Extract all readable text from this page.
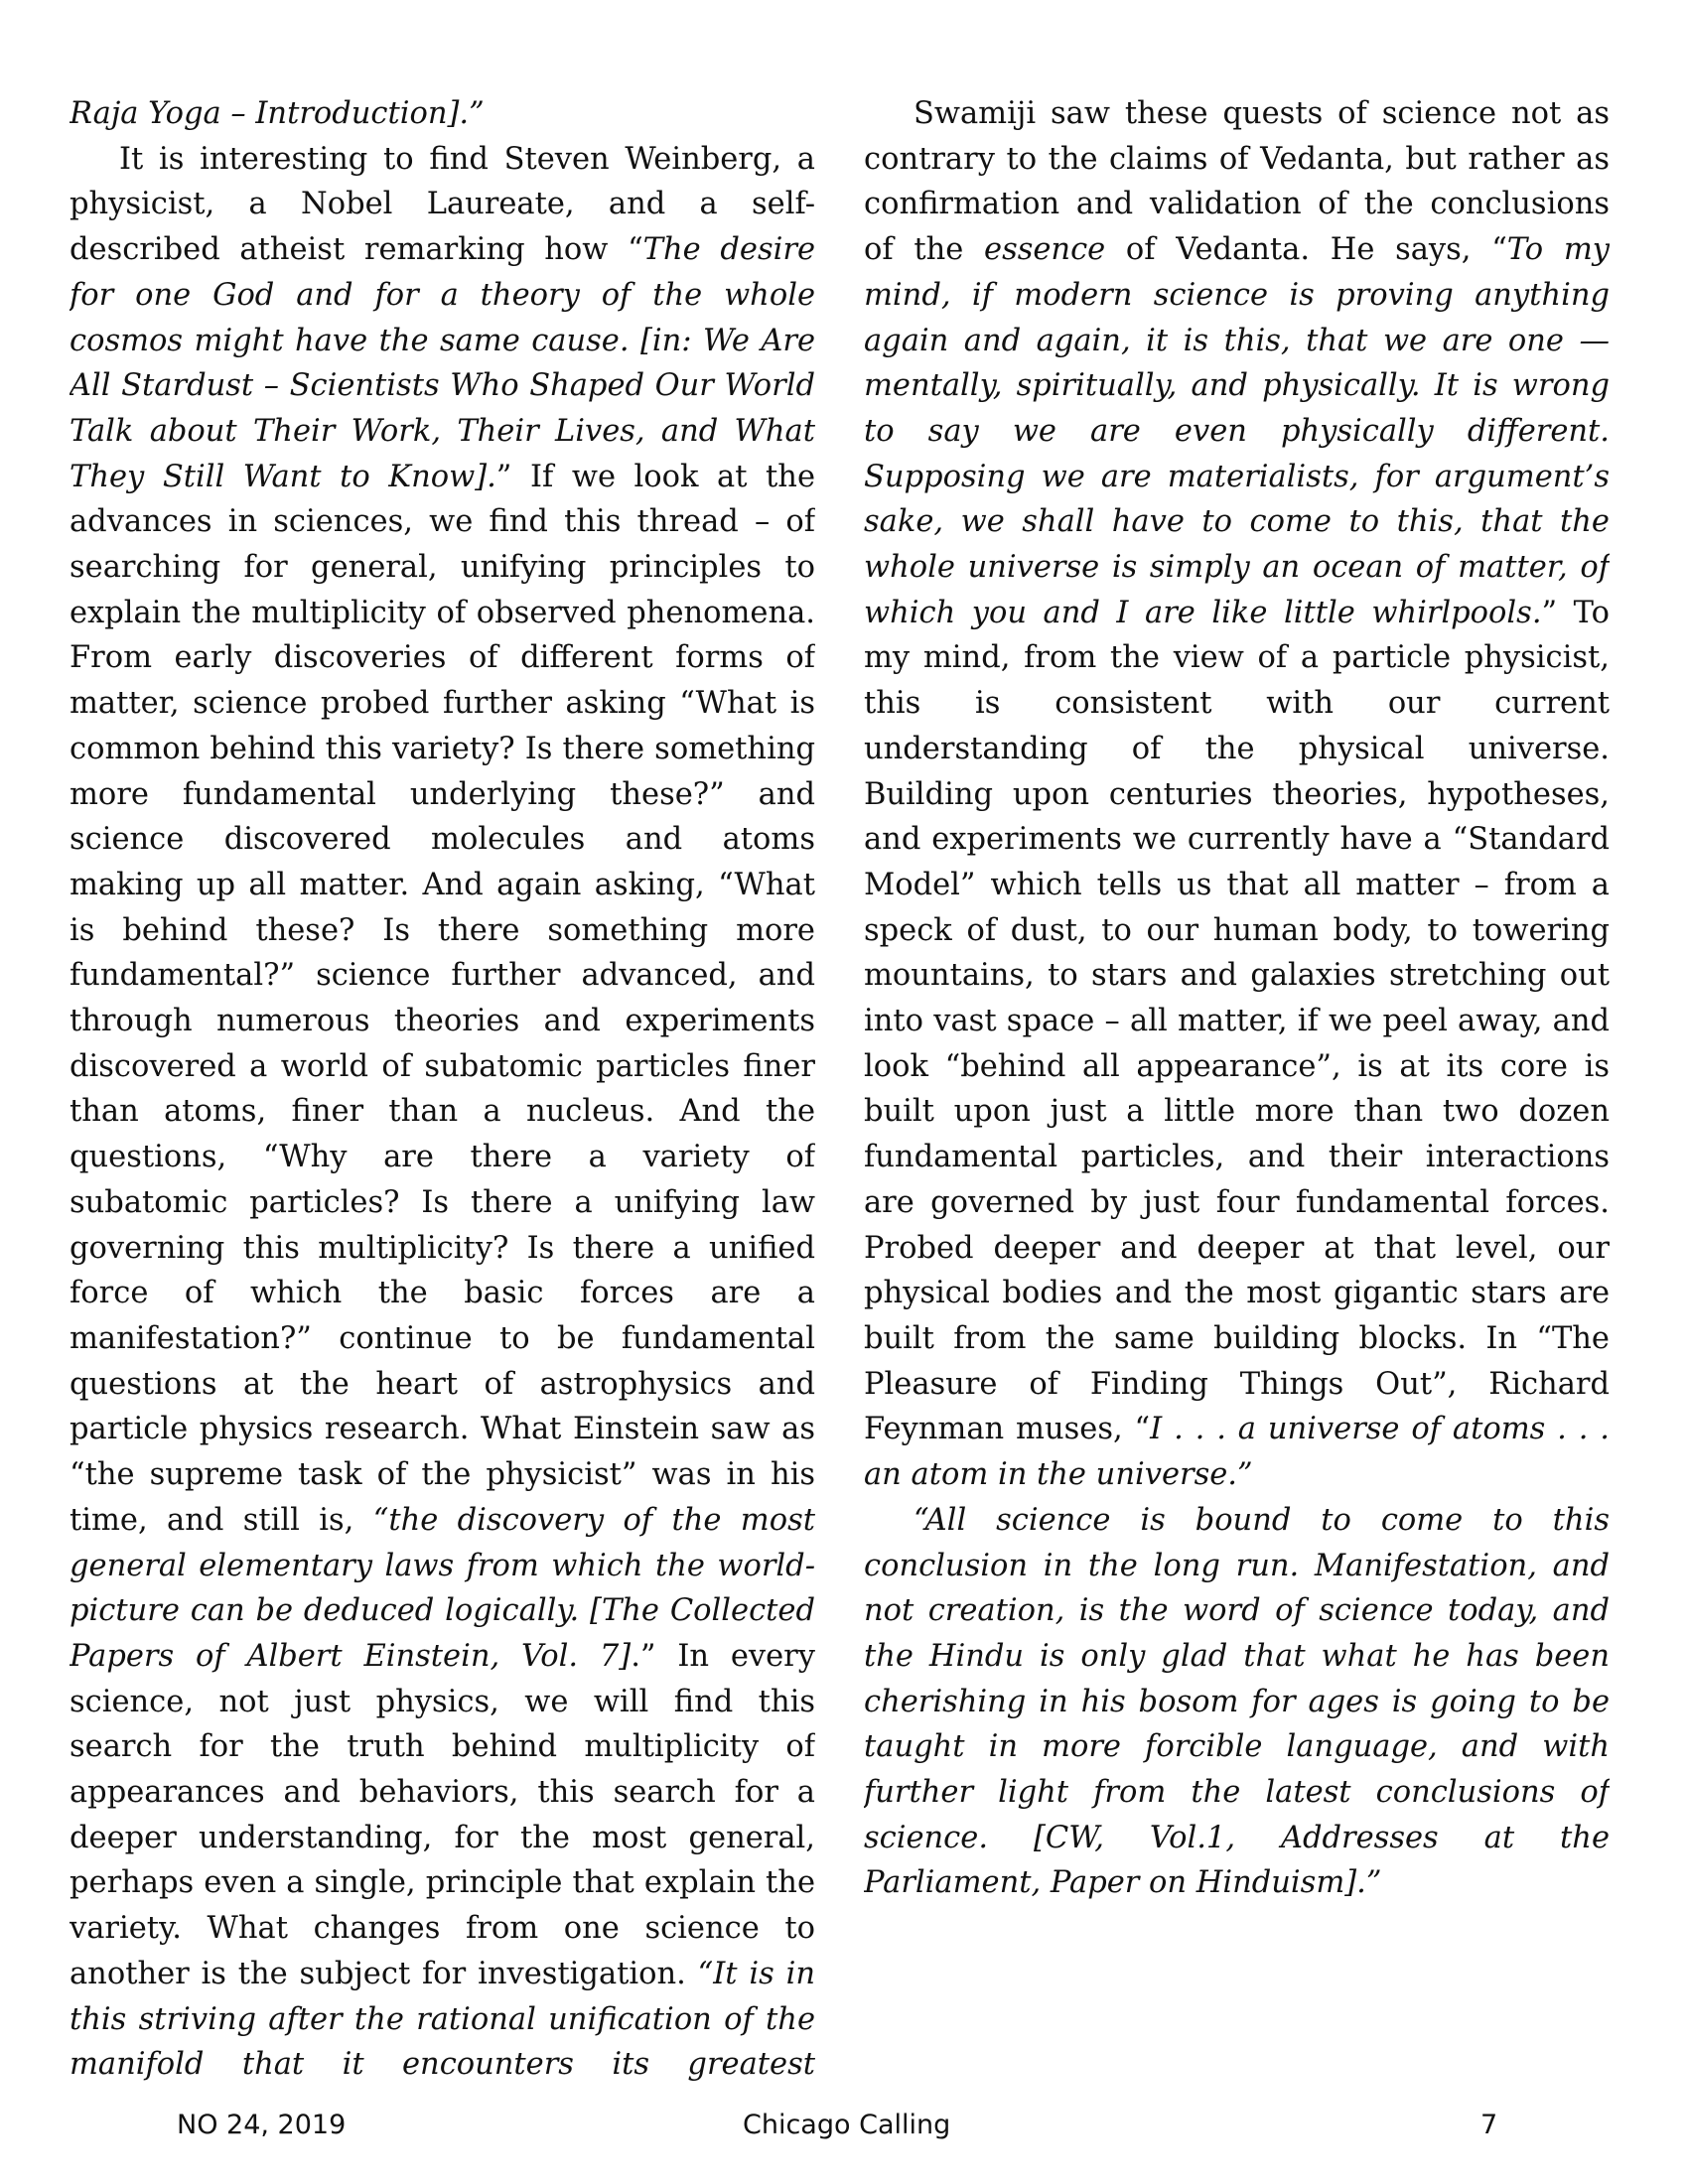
Raja Yoga – Introduction].”

It is interesting to find Steven Weinberg, a physicist, a Nobel Laureate, and a self-described atheist remarking how “The desire for one God and for a theory of the whole cosmos might have the same cause. [in: We Are All Stardust – Scientists Who Shaped Our World Talk about Their Work, Their Lives, and What They Still Want to Know].” If we look at the advances in sciences, we find this thread – of searching for general, unifying principles to explain the multiplicity of observed phenomena. From early discoveries of different forms of matter, science probed further asking “What is common behind this variety? Is there something more fundamental underlying these?” and science discovered molecules and atoms making up all matter. And again asking, “What is behind these? Is there something more fundamental?” science further advanced, and through numerous theories and experiments discovered a world of subatomic particles finer than atoms, finer than a nucleus. And the questions, “Why are there a variety of subatomic particles? Is there a unifying law governing this multiplicity? Is there a unified force of which the basic forces are a manifestation?” continue to be fundamental questions at the heart of astrophysics and particle physics research. What Einstein saw as “the supreme task of the physicist” was in his time, and still is, “the discovery of the most general elementary laws from which the world-picture can be deduced logically. [The Collected Papers of Albert Einstein, Vol. 7].” In every science, not just physics, we will find this search for the truth behind multiplicity of appearances and behaviors, this search for a deeper understanding, for the most general, perhaps even a single, principle that explain the variety. What changes from one science to another is the subject for investigation. “It is in this striving after the rational unification of the manifold that it encounters its greatest

Swamiji saw these quests of science not as contrary to the claims of Vedanta, but rather as confirmation and validation of the conclusions of the essence of Vedanta. He says, “To my mind, if modern science is proving anything again and again, it is this, that we are one — mentally, spiritually, and physically. It is wrong to say we are even physically different. Supposing we are materialists, for argument’s sake, we shall have to come to this, that the whole universe is simply an ocean of matter, of which you and I are like little whirlpools.” To my mind, from the view of a particle physicist, this is consistent with our current understanding of the physical universe. Building upon centuries theories, hypotheses, and experiments we currently have a “Standard Model” which tells us that all matter – from a speck of dust, to our human body, to towering mountains, to stars and galaxies stretching out into vast space – all matter, if we peel away, and look “behind all appearance”, is at its core is built upon just a little more than two dozen fundamental particles, and their interactions are governed by just four fundamental forces. Probed deeper and deeper at that level, our physical bodies and the most gigantic stars are built from the same building blocks. In “The Pleasure of Finding Things Out”, Richard Feynman muses, “I . . . a universe of atoms . . . an atom in the universe.”

“All science is bound to come to this conclusion in the long run. Manifestation, and not creation, is the word of science today, and the Hindu is only glad that what he has been cherishing in his bosom for ages is going to be taught in more forcible language, and with further light from the latest conclusions of science. [CW, Vol.1, Addresses at the Parliament, Paper on Hinduism].”

NO 24, 2019	Chicago Calling	7
